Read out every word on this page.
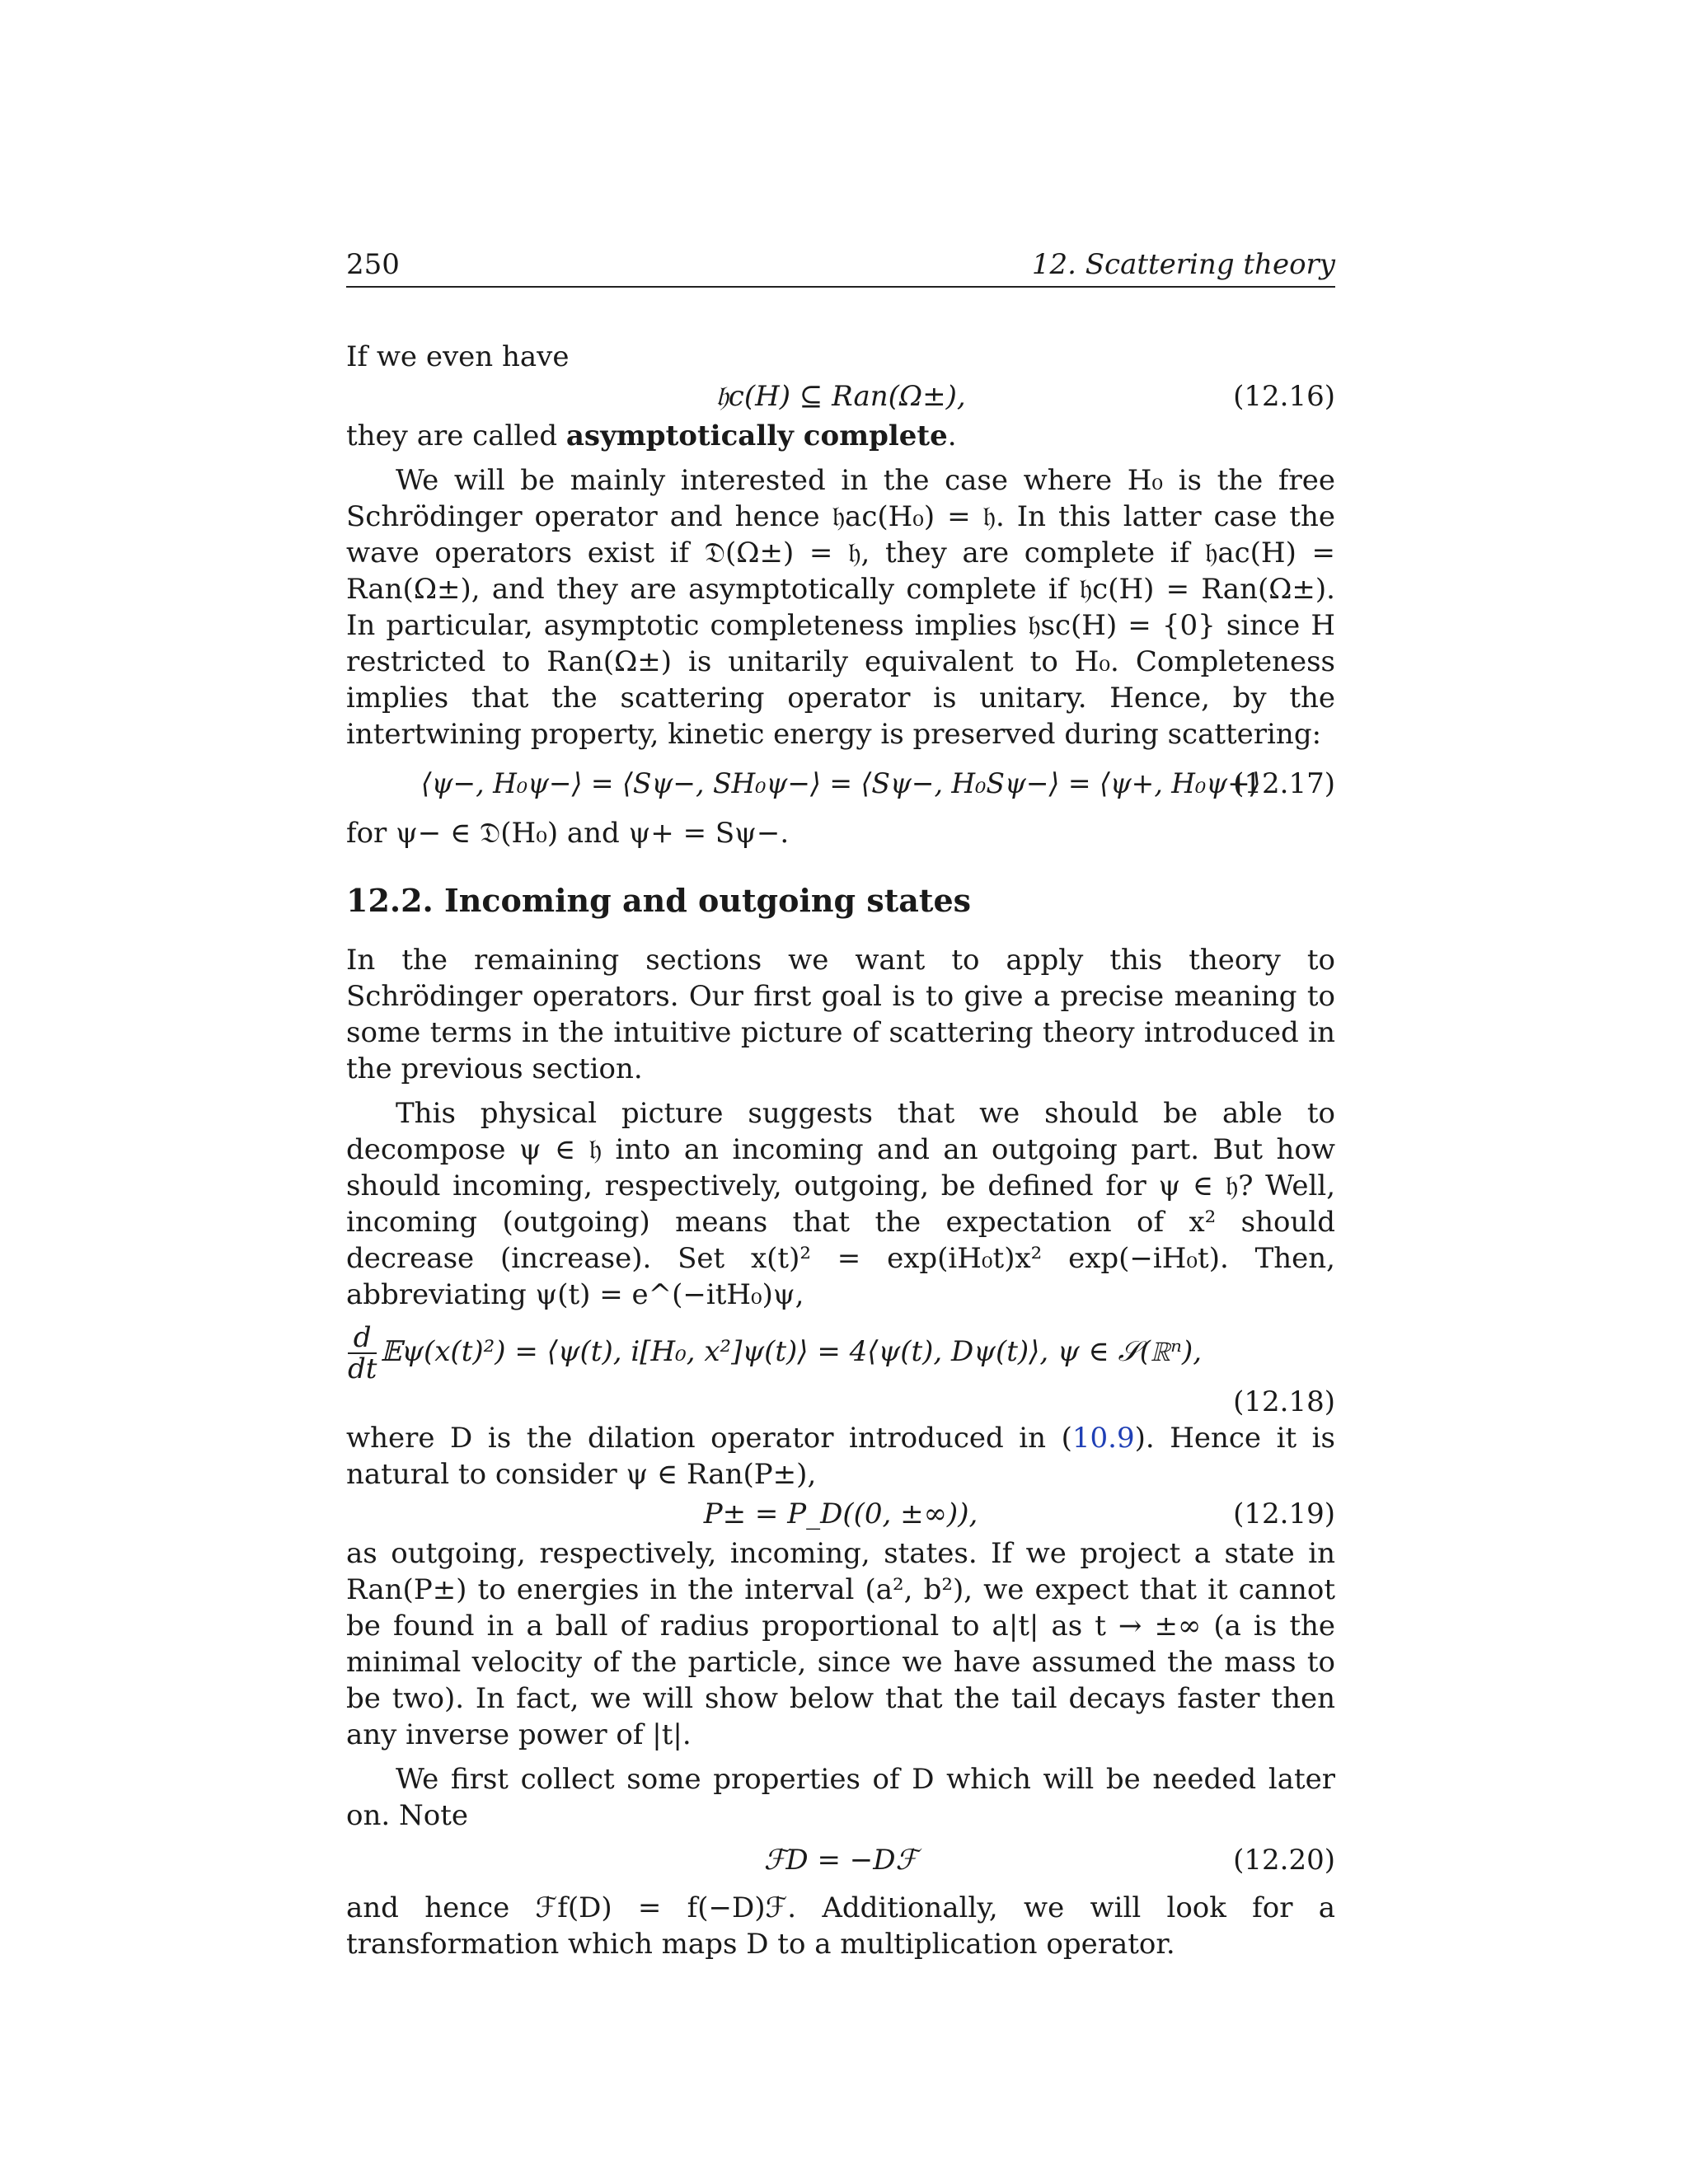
250	12. Scattering theory

If we even have

𝔥c(H) ⊆ Ran(Ω±),	(12.16)

they are called asymptotically complete.

We will be mainly interested in the case where H₀ is the free Schrödinger operator and hence 𝔥ac(H₀) = 𝔥. In this latter case the wave operators exist if 𝔇(Ω±) = 𝔥, they are complete if 𝔥ac(H) = Ran(Ω±), and they are asymptotically complete if 𝔥c(H) = Ran(Ω±). In particular, asymptotic completeness implies 𝔥sc(H) = {0} since H restricted to Ran(Ω±) is unitarily equivalent to H₀. Completeness implies that the scattering operator is unitary. Hence, by the intertwining property, kinetic energy is preserved during scattering:

⟨ψ−, H₀ψ−⟩ = ⟨Sψ−, SH₀ψ−⟩ = ⟨Sψ−, H₀Sψ−⟩ = ⟨ψ+, H₀ψ+⟩
(12.17)

for ψ− ∈ 𝔇(H₀) and ψ+ = Sψ−.

12.2. Incoming and outgoing states

In the remaining sections we want to apply this theory to Schrödinger operators. Our first goal is to give a precise meaning to some terms in the intuitive picture of scattering theory introduced in the previous section.

This physical picture suggests that we should be able to decompose ψ ∈ 𝔥 into an incoming and an outgoing part. But how should incoming, respectively, outgoing, be defined for ψ ∈ 𝔥? Well, incoming (outgoing) means that the expectation of x² should decrease (increase). Set x(t)² = exp(iH₀t)x² exp(−iH₀t). Then, abbreviating ψ(t) = e^(−itH₀)ψ,

$\frac{d}{dt}$ 𝔼ψ(x(t)²) = ⟨ψ(t), i[H₀, x²]ψ(t)⟩ = 4⟨ψ(t), Dψ(t)⟩, ψ ∈ 𝒮(ℝⁿ),
(12.18)

where D is the dilation operator introduced in (10.9). Hence it is natural to consider ψ ∈ Ran(P±),

P± = P_D((0, ±∞)),	(12.19)

as outgoing, respectively, incoming, states. If we project a state in Ran(P±) to energies in the interval (a², b²), we expect that it cannot be found in a ball of radius proportional to a|t| as t → ±∞ (a is the minimal velocity of the particle, since we have assumed the mass to be two). In fact, we will show below that the tail decays faster then any inverse power of |t|.

We first collect some properties of D which will be needed later on. Note

ℱD = −Dℱ	(12.20)

and hence ℱf(D) = f(−D)ℱ. Additionally, we will look for a transformation which maps D to a multiplication operator.
